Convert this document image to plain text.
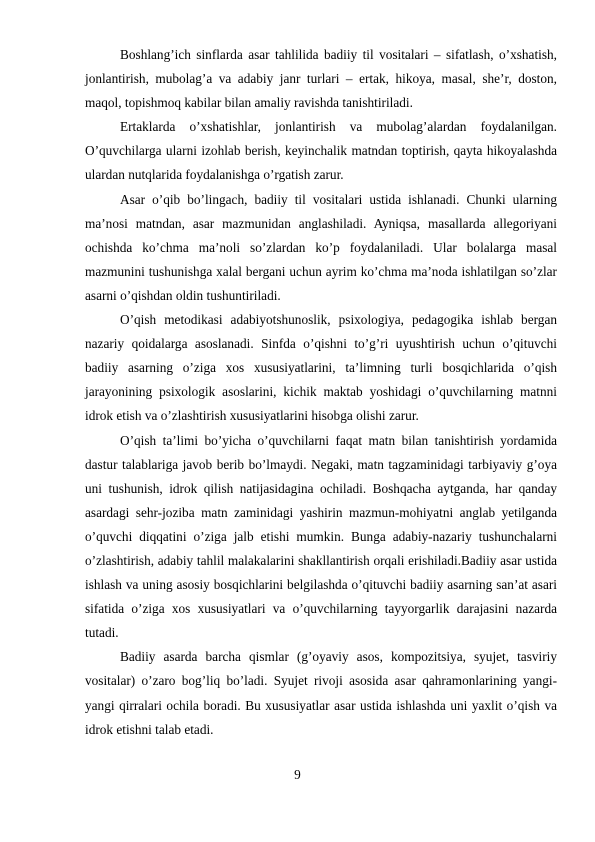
Boshlang’ich sinflarda asar tahlilida badiiy til vositalari – sifatlash, o’xshatish, jonlantirish, mubolag’a va adabiy janr turlari – ertak, hikoya, masal, she’r, doston, maqol, topishmoq kabilar bilan amaliy ravishda tanishtiriladi.

Ertaklarda o’xshatishlar, jonlantirish va mubolag’alardan foydalanilgan. O’quvchilarga ularni izohlab berish, keyinchalik matndan toptirish, qayta hikoyalashda ulardan nutqlarida foydalanishga o’rgatish zarur.

Asar o’qib bo’lingach, badiiy til vositalari ustida ishlanadi. Chunki ularning ma’nosi matndan, asar mazmunidan anglashiladi. Ayniqsa, masallarda allegoriyani ochishda ko’chma ma’noli so’zlardan ko’p foydalaniladi. Ular bolalarga masal mazmunini tushunishga xalal bergani uchun ayrim ko’chma ma’noda ishlatilgan so’zlar asarni o’qishdan oldin tushuntiriladi.

O’qish metodikasi adabiyotshunoslik, psixologiya, pedagogika ishlab bergan nazariy qoidalarga asoslanadi. Sinfda o’qishni to’g’ri uyushtirish uchun o’qituvchi badiiy asarning o’ziga xos xususiyatlarini, ta’limning turli bosqichlarida o’qish jarayonining psixologik asoslarini, kichik maktab yoshidagi o’quvchilarning matnni idrok etish va o’zlashtirish xususiyatlarini hisobga olishi zarur.

O’qish ta’limi bo’yicha o’quvchilarni faqat matn bilan tanishtirish yordamida dastur talablariga javob berib bo’lmaydi. Negaki, matn tagzaminidagi tarbiyaviy g’oya uni tushunish, idrok qilish natijasidagina ochiladi. Boshqacha aytganda, har qanday asardagi sehr-joziba matn zaminidagi yashirin mazmun-mohiyatni anglab yetilganda o’quvchi diqqatini o’ziga jalb etishi mumkin. Bunga adabiy-nazariy tushunchalarni o’zlashtirish, adabiy tahlil malakalarini shakllantirish orqali erishiladi.Badiiy asar ustida ishlash va uning asosiy bosqichlarini belgilashda o’qituvchi badiiy asarning san’at asari sifatida o’ziga xos xususiyatlari va o’quvchilarning tayyorgarlik darajasini nazarda tutadi.

Badiiy asarda barcha qismlar (g’oyaviy asos, kompozitsiya, syujet, tasviriy vositalar) o’zaro bog’liq bo’ladi. Syujet rivoji asosida asar qahramonlarining yangi-yangi qirralari ochila boradi. Bu xususiyatlar asar ustida ishlashda uni yaxlit o’qish va idrok etishni talab etadi.

9
